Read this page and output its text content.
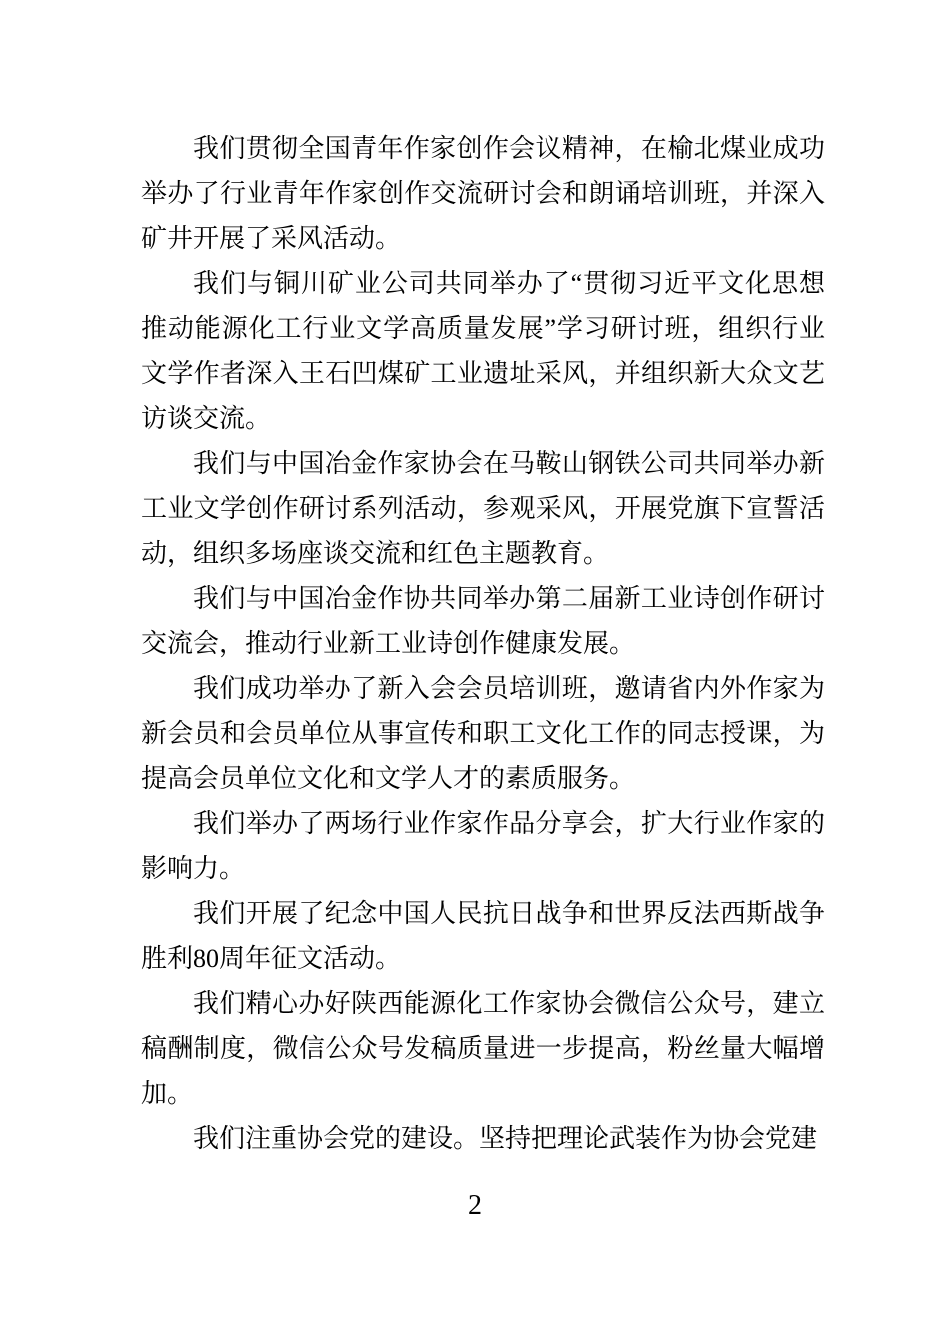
我们贯彻全国青年作家创作会议精神，在榆北煤业成功举办了行业青年作家创作交流研讨会和朗诵培训班，并深入矿井开展了采风活动。

我们与铜川矿业公司共同举办了“贯彻习近平文化思想推动能源化工行业文学高质量发展”学习研讨班，组织行业文学作者深入王石凹煤矿工业遗址采风，并组织新大众文艺访谈交流。

我们与中国冶金作家协会在马鞍山钢铁公司共同举办新工业文学创作研讨系列活动，参观采风，开展党旗下宣誓活动，组织多场座谈交流和红色主题教育。

我们与中国冶金作协共同举办第二届新工业诗创作研讨交流会，推动行业新工业诗创作健康发展。

我们成功举办了新入会会员培训班，邀请省内外作家为新会员和会员单位从事宣传和职工文化工作的同志授课，为提高会员单位文化和文学人才的素质服务。

我们举办了两场行业作家作品分享会，扩大行业作家的影响力。

我们开展了纪念中国人民抗日战争和世界反法西斯战争胜利80周年征文活动。

我们精心办好陕西能源化工作家协会微信公众号，建立稿酬制度，微信公众号发稿质量进一步提高，粉丝量大幅增加。

我们注重协会党的建设。坚持把理论武装作为协会党建

2
